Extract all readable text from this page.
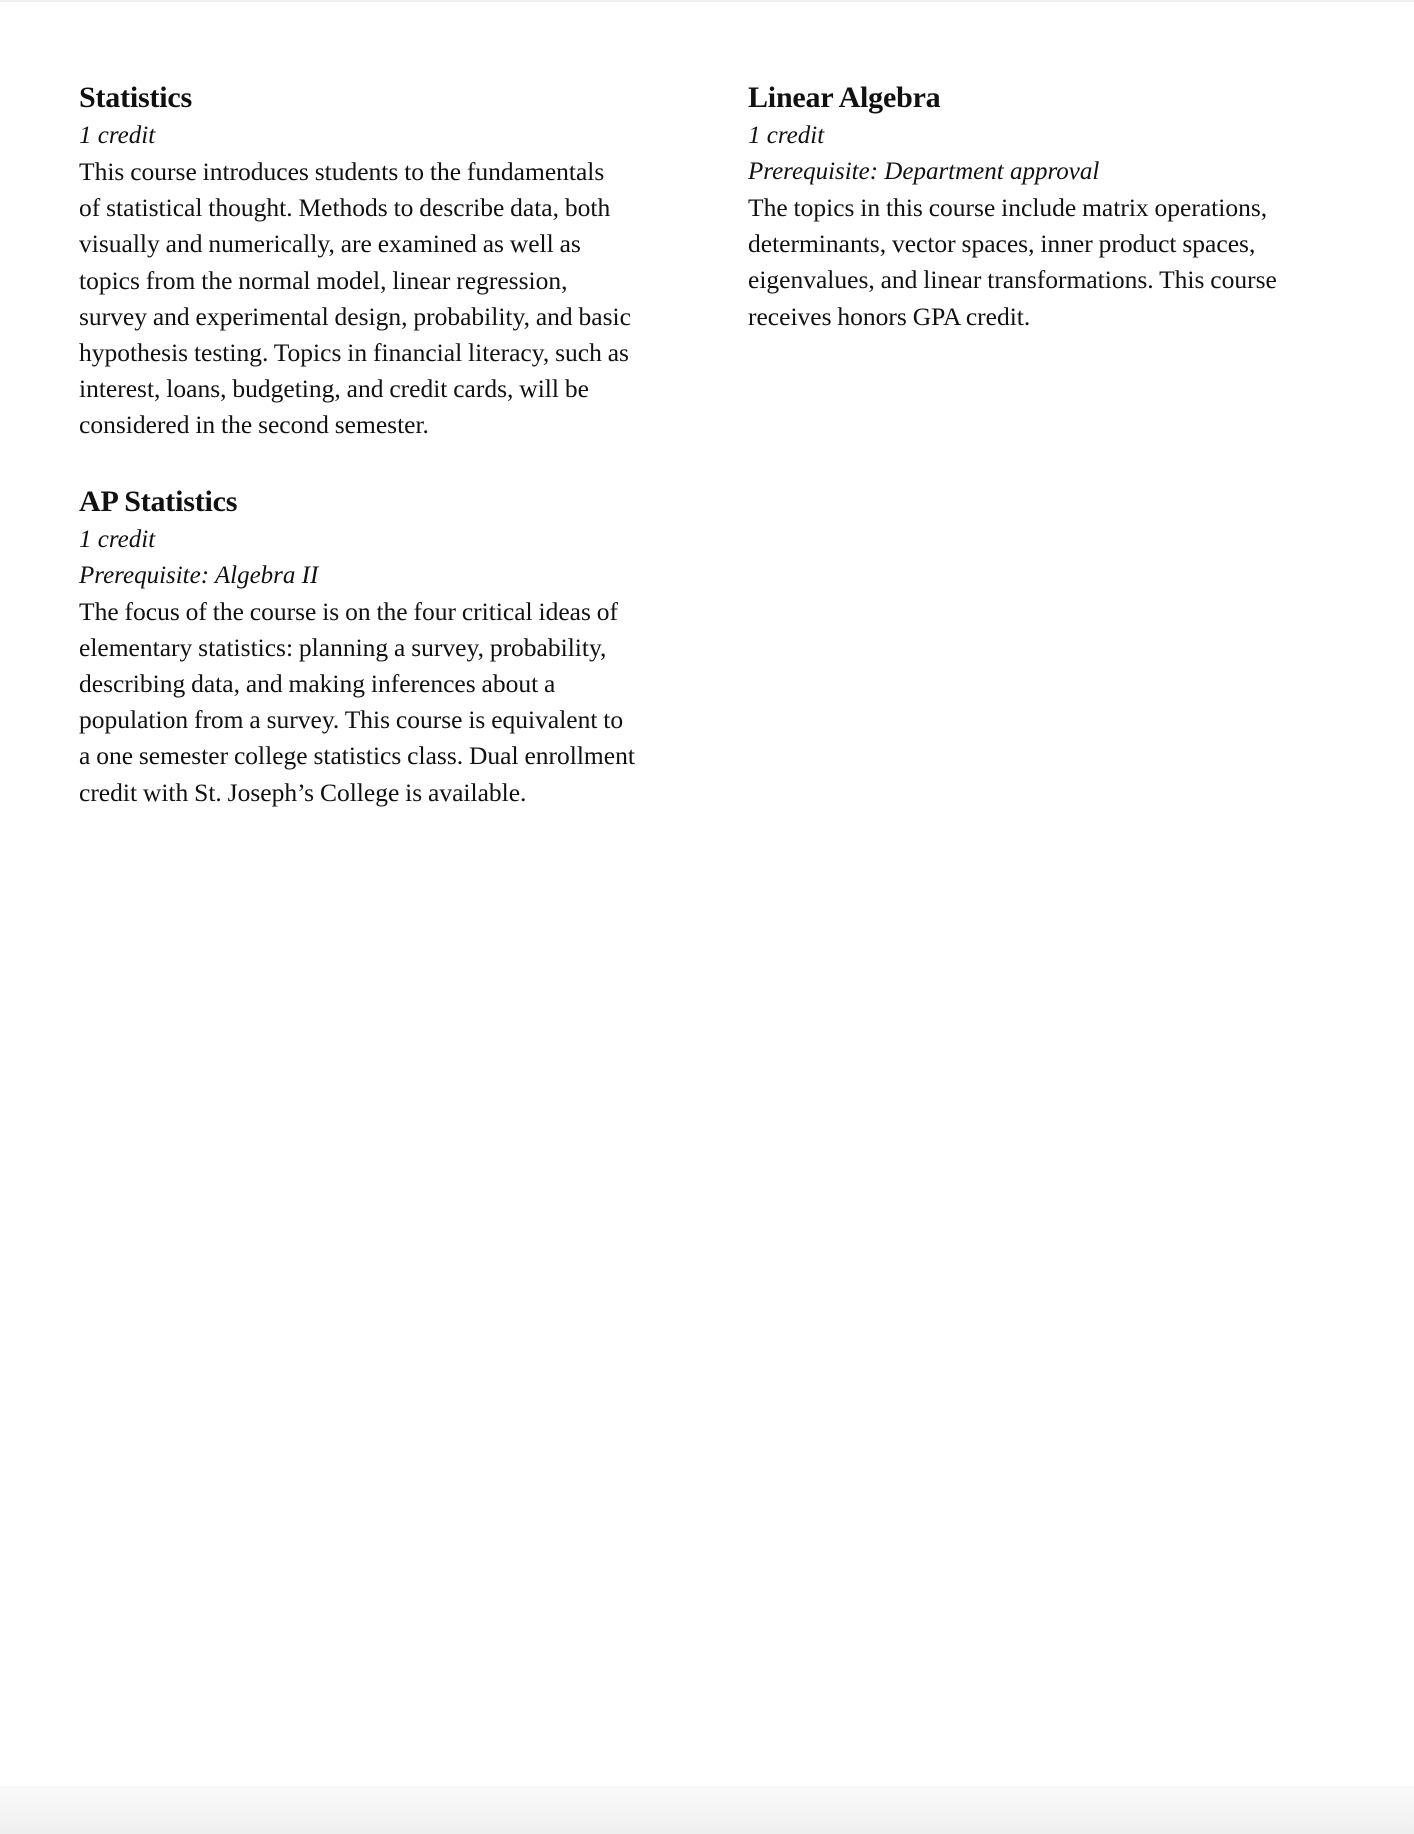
Statistics

1 credit

This course introduces students to the fundamentals
of statistical thought. Methods to describe data, both
visually and numerically, are examined as well as
topics from the normal model, linear regression,
survey and experimental design, probability, and basic
hypothesis testing. Topics in financial literacy, such as
interest, loans, budgeting, and credit cards, will be
considered in the second semester.

AP Statistics

1 credit

Prerequisite: Algebra II

The focus of the course is on the four critical ideas of
elementary statistics: planning a survey, probability,
describing data, and making inferences about a
population from a survey. This course is equivalent to
a one semester college statistics class. Dual enrollment
credit with St. Joseph’s College is available.

Linear Algebra

1 credit

Prerequisite: Department approval

The topics in this course include matrix operations,
determinants, vector spaces, inner product spaces,
eigenvalues, and linear transformations. This course
receives honors GPA credit.
